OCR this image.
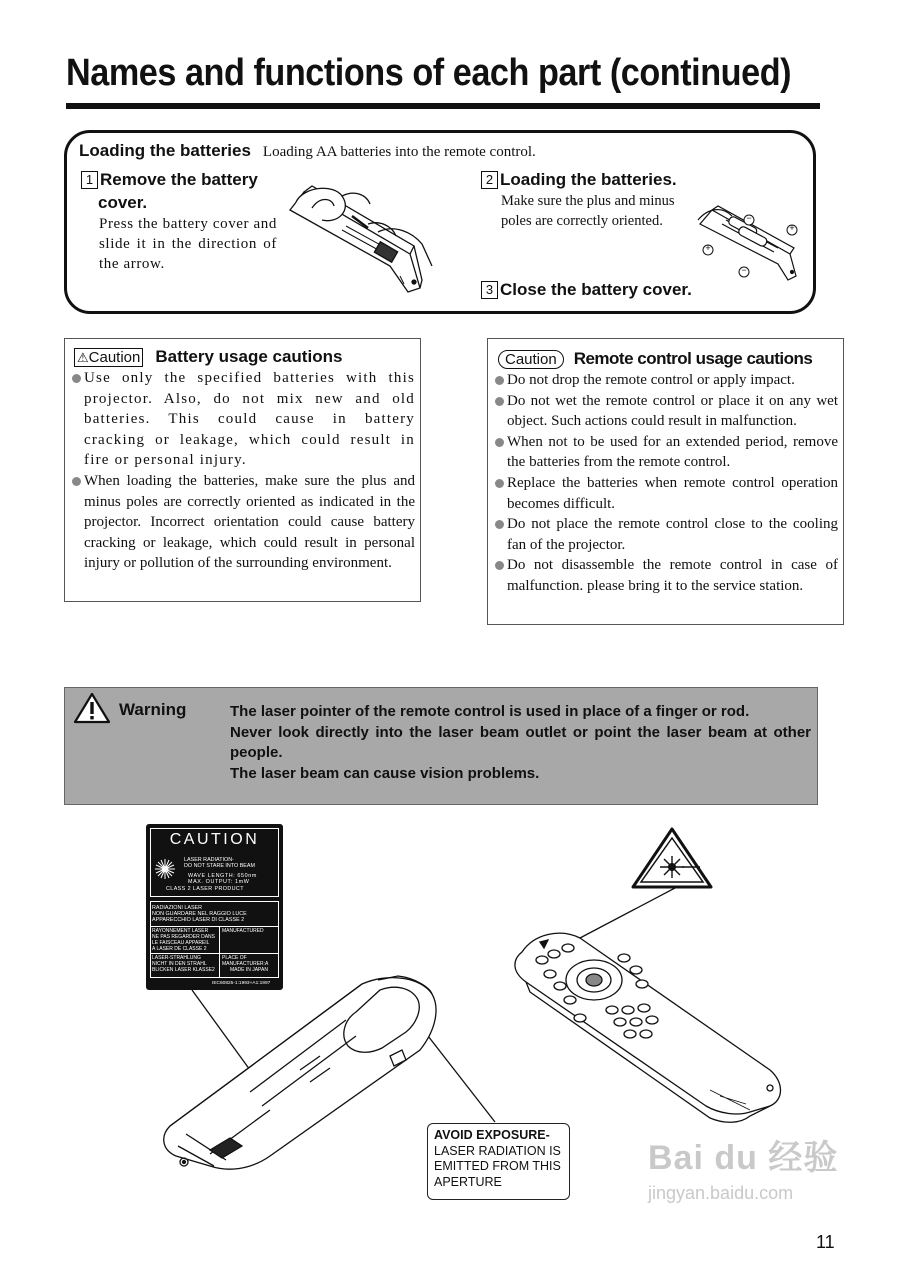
Names and functions of each part (continued)
Loading the batteries Loading AA batteries into the remote control.
1 Remove the battery
cover.
Press the battery cover and slide it in the direction of the arrow.
2 Loading the batteries.
Make sure the plus and minus poles are correctly oriented.	−
+
+
−
3 Close the battery cover.
⚠Caution Battery usage cautions
Use only the specified batteries with this projector. Also, do not mix new and old batteries. This could cause in battery cracking or leakage, which could result in fire or personal injury.
When loading the batteries, make sure the plus and minus poles are correctly oriented as indicated in the projector. Incorrect orientation could cause battery cracking or leakage, which could result in personal injury or pollution of the surrounding environment.
Caution Remote control usage cautions
Do not drop the remote control or apply impact.
Do not wet the remote control or place it on any wet object. Such actions could result in malfunction.
When not to be used for an extended period, remove the batteries from the remote control.
Replace the batteries when remote control operation becomes difficult.
Do not place the remote control close to the cooling fan of the projector.
Do not disassemble the remote control in case of malfunction. please bring it to the service station.
Warning	The laser pointer of the remote control is used in place of a finger or rod.
Never look directly into the laser beam outlet or point the laser beam at other people.
The laser beam can cause vision problems.
CAUTION
LASER RADIATION-
DO NOT STARE INTO BEAM
WAVE LENGTH: 650nm
MAX. OUTPUT: 1mW
CLASS 2 LASER PRODUCT
RADIAZIONI LASER
NON GUARDARE NEL RAGGIO LUCE
APPARECCHIO LASER DI CLASSE 2
RAYONNEMENT LASER
NE PAS REGARDER DANS
LE FAISCEAU APPAREIL
A LASER DE CLASSE 2
LASER-STRAHLUNG
NICHT IN DEN STRAHL
BLICKEN LASER KLASSE2
MANUFACTURED
PLACE OF
MANUFACTURER:A
MADE IN JAPAN
IEC60825-1:1993+A1:1997
AVOID EXPOSURE-
LASER RADIATION IS
EMITTED FROM THIS
APERTURE
Bai du 经验
jingyan.baidu.com
11
